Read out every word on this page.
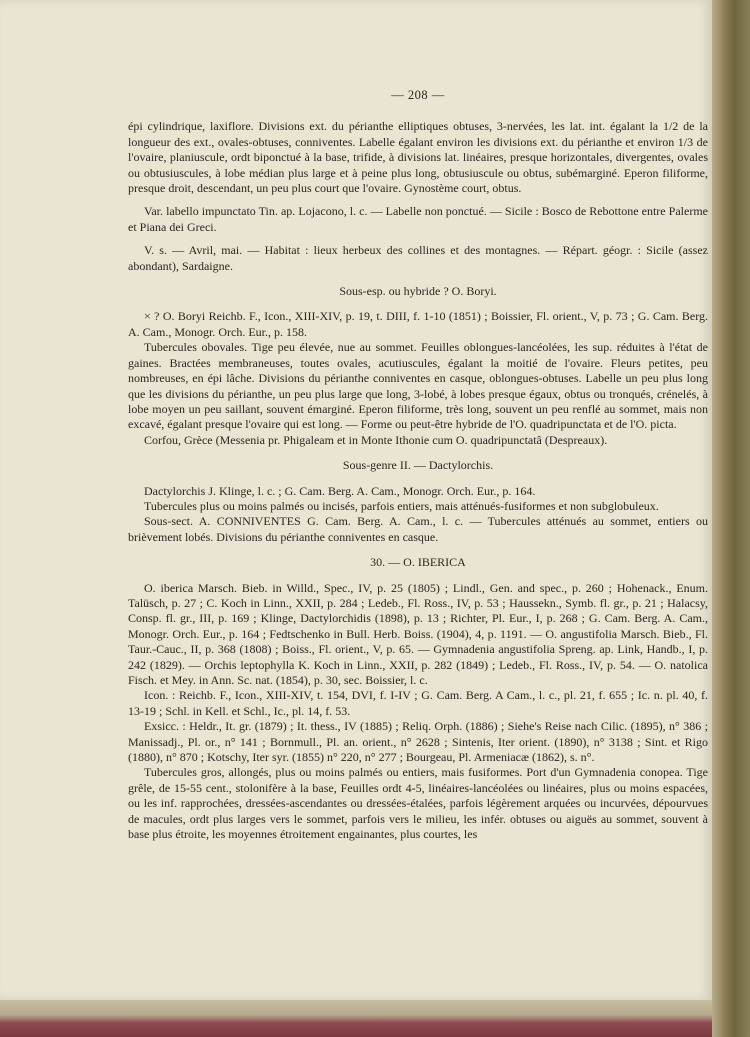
— 208 —

épi cylindrique, laxiflore. Divisions ext. du périanthe elliptiques obtuses, 3-nervées, les lat. int. égalant la 1/2 de la longueur des ext., ovales-obtuses, conniventes. Labelle égalant environ les divisions ext. du périanthe et environ 1/3 de l'ovaire, planiuscule, ordt biponctué à la base, trifide, à divisions lat. linéaires, presque horizontales, divergentes, ovales ou obtusiuscules, à lobe médian plus large et à peine plus long, obtusiuscule ou obtus, subémarginé. Eperon filiforme, presque droit, descendant, un peu plus court que l'ovaire. Gynostème court, obtus.

Var. labello impunctato Tin. ap. Lojacono, l. c. — Labelle non ponctué. — Sicile : Bosco de Rebottone entre Palerme et Piana dei Greci.

V. s. — Avril, mai. — Habitat : lieux herbeux des collines et des montagnes. — Répart. géogr. : Sicile (assez abondant), Sardaigne.

Sous-esp. ou hybride ? O. Boryi.

× ? O. Boryi Reichb. F., Icon., XIII-XIV, p. 19, t. DIII, f. 1-10 (1851) ; Boissier, Fl. orient., V, p. 73 ; G. Cam. Berg. A. Cam., Monogr. Orch. Eur., p. 158.

Tubercules obovales. Tige peu élevée, nue au sommet. Feuilles oblongues-lancéolées, les sup. réduites à l'état de gaines. Bractées membraneuses, toutes ovales, acutiuscules, égalant la moitié de l'ovaire. Fleurs petites, peu nombreuses, en épi lâche. Divisions du périanthe conniventes en casque, oblongues-obtuses. Labelle un peu plus long que les divisions du périanthe, un peu plus large que long, 3-lobé, à lobes presque égaux, obtus ou tronqués, crénelés, à lobe moyen un peu saillant, souvent émarginé. Eperon filiforme, très long, souvent un peu renflé au sommet, mais non excavé, égalant presque l'ovaire qui est long. — Forme ou peut-être hybride de l'O. quadripunctata et de l'O. picta.

Corfou, Grèce (Messenia pr. Phigaleam et in Monte Ithonie cum O. quadripunctatâ (Despreaux).

Sous-genre II. — Dactylorchis.

Dactylorchis J. Klinge, l. c. ; G. Cam. Berg. A. Cam., Monogr. Orch. Eur., p. 164.

Tubercules plus ou moins palmés ou incisés, parfois entiers, mais atténués-fusiformes et non subglobuleux.

Sous-sect. A. CONNIVENTES G. Cam. Berg. A. Cam., l. c. — Tubercules atténués au sommet, entiers ou brièvement lobés. Divisions du périanthe conniventes en casque.

30. — O. IBERICA

O. iberica Marsch. Bieb. in Willd., Spec., IV, p. 25 (1805) ; Lindl., Gen. and spec., p. 260 ; Hohenack., Enum. Talüsch, p. 27 ; C. Koch in Linn., XXII, p. 284 ; Ledeb., Fl. Ross., IV, p. 53 ; Haussekn., Symb. fl. gr., p. 21 ; Halacsy, Consp. fl. gr., III, p. 169 ; Klinge, Dactylorchidis (1898), p. 13 ; Richter, Pl. Eur., I, p. 268 ; G. Cam. Berg. A. Cam., Monogr. Orch. Eur., p. 164 ; Fedtschenko in Bull. Herb. Boiss. (1904), 4, p. 1191. — O. angustifolia Marsch. Bieb., Fl. Taur.-Cauc., II, p. 368 (1808) ; Boiss., Fl. orient., V, p. 65. — Gymnadenia angustifolia Spreng. ap. Link, Handb., I, p. 242 (1829). — Orchis leptophylla K. Koch in Linn., XXII, p. 282 (1849) ; Ledeb., Fl. Ross., IV, p. 54. — O. natolica Fisch. et Mey. in Ann. Sc. nat. (1854), p. 30, sec. Boissier, l. c.

Icon. : Reichb. F., Icon., XIII-XIV, t. 154, DVI, f. I-IV ; G. Cam. Berg. A Cam., l. c., pl. 21, f. 655 ; Ic. n. pl. 40, f. 13-19 ; Schl. in Kell. et Schl., Ic., pl. 14, f. 53.

Exsicc. : Heldr., It. gr. (1879) ; It. thess., IV (1885) ; Reliq. Orph. (1886) ; Siehe's Reise nach Cilic. (1895), n° 386 ; Manissadj., Pl. or., n° 141 ; Bornmull., Pl. an. orient., n° 2628 ; Sintenis, Iter orient. (1890), n° 3138 ; Sint. et Rigo (1880), n° 870 ; Kotschy, Iter syr. (1855) n° 220, n° 277 ; Bourgeau, Pl. Armeniacæ (1862), s. n°.

Tubercules gros, allongés, plus ou moins palmés ou entiers, mais fusiformes. Port d'un Gymnadenia conopea. Tige grêle, de 15-55 cent., stolonifère à la base, Feuilles ordt 4-5, linéaires-lancéolées ou linéaires, plus ou moins espacées, ou les inf. rapprochées, dressées-ascendantes ou dressées-étalées, parfois légèrement arquées ou incurvées, dépourvues de macules, ordt plus larges vers le sommet, parfois vers le milieu, les infér. obtuses ou aiguës au sommet, souvent à base plus étroite, les moyennes étroitement engainantes, plus courtes, les
